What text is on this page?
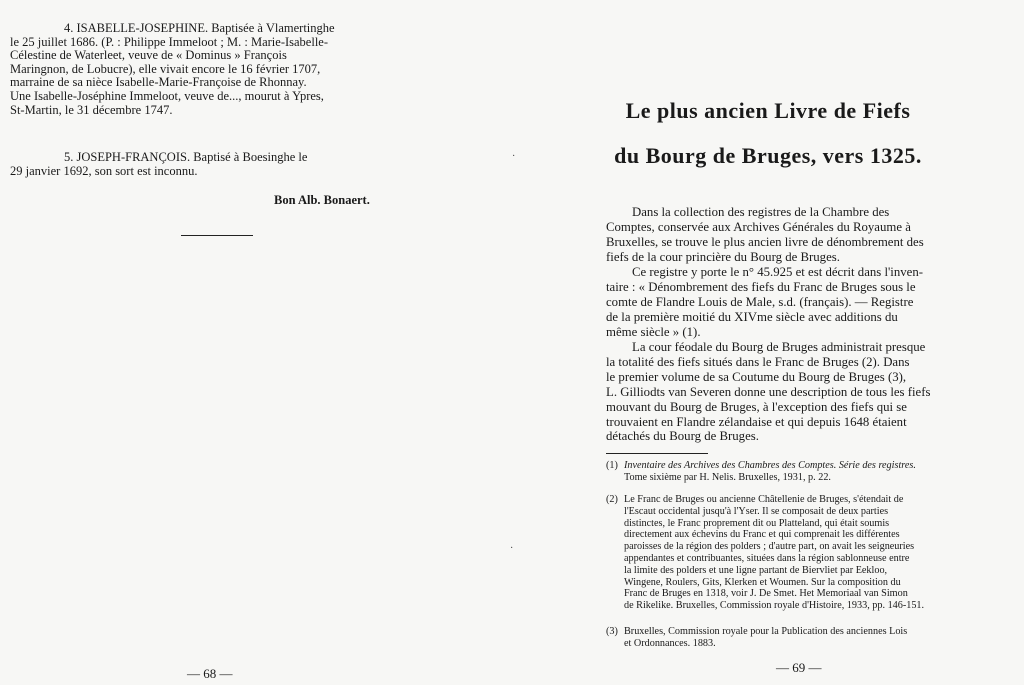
4. ISABELLE-JOSEPHINE. Baptisée à Vlamertinghe
le 25 juillet 1686. (P. : Philippe Immeloot ; M. : Marie-Isabelle-
Célestine de Waterleet, veuve de « Dominus » François
Maringnon, de Lobucre), elle vivait encore le 16 février 1707,
marraine de sa nièce Isabelle-Marie-Françoise de Rhonnay.
Une Isabelle-Joséphine Immeloot, veuve de..., mourut à Ypres,
St-Martin, le 31 décembre 1747.
5. JOSEPH-FRANÇOIS. Baptisé à Boesinghe le
29 janvier 1692, son sort est inconnu.
Bon Alb. Bonaert.
— 68 —
·
·
Le plus ancien Livre de Fiefs
du Bourg de Bruges, vers 1325.
Dans la collection des registres de la Chambre des
Comptes, conservée aux Archives Générales du Royaume à
Bruxelles, se trouve le plus ancien livre de dénombrement des
fiefs de la cour princière du Bourg de Bruges.
Ce registre y porte le n° 45.925 et est décrit dans l'inven-
taire : « Dénombrement des fiefs du Franc de Bruges sous le
comte de Flandre Louis de Male, s.d. (français). — Registre
de la première moitié du XIVme siècle avec additions du
même siècle » (1).
La cour féodale du Bourg de Bruges administrait presque
la totalité des fiefs situés dans le Franc de Bruges (2). Dans
le premier volume de sa Coutume du Bourg de Bruges (3),
L. Gilliodts van Severen donne une description de tous les fiefs
mouvant du Bourg de Bruges, à l'exception des fiefs qui se
trouvaient en Flandre zélandaise et qui depuis 1648 étaient
détachés du Bourg de Bruges.
(1) Inventaire des Archives des Chambres des Comptes. Série des registres.
Tome sixième par H. Nelis. Bruxelles, 1931, p. 22.
(2) Le Franc de Bruges ou ancienne Châtellenie de Bruges, s'étendait de
l'Escaut occidental jusqu'à l'Yser. Il se composait de deux parties
distinctes, le Franc proprement dit ou Platteland, qui était soumis
directement aux échevins du Franc et qui comprenait les différentes
paroisses de la région des polders ; d'autre part, on avait les seigneuries
appendantes et contribuantes, situées dans la région sablonneuse entre
la limite des polders et une ligne partant de Biervliet par Eekloo,
Wingene, Roulers, Gits, Klerken et Woumen. Sur la composition du
Franc de Bruges en 1318, voir J. De Smet. Het Memoriaal van Simon
de Rikelike. Bruxelles, Commission royale d'Histoire, 1933, pp. 146-151.
(3) Bruxelles, Commission royale pour la Publication des anciennes Lois
et Ordonnances. 1883.
— 69 —
